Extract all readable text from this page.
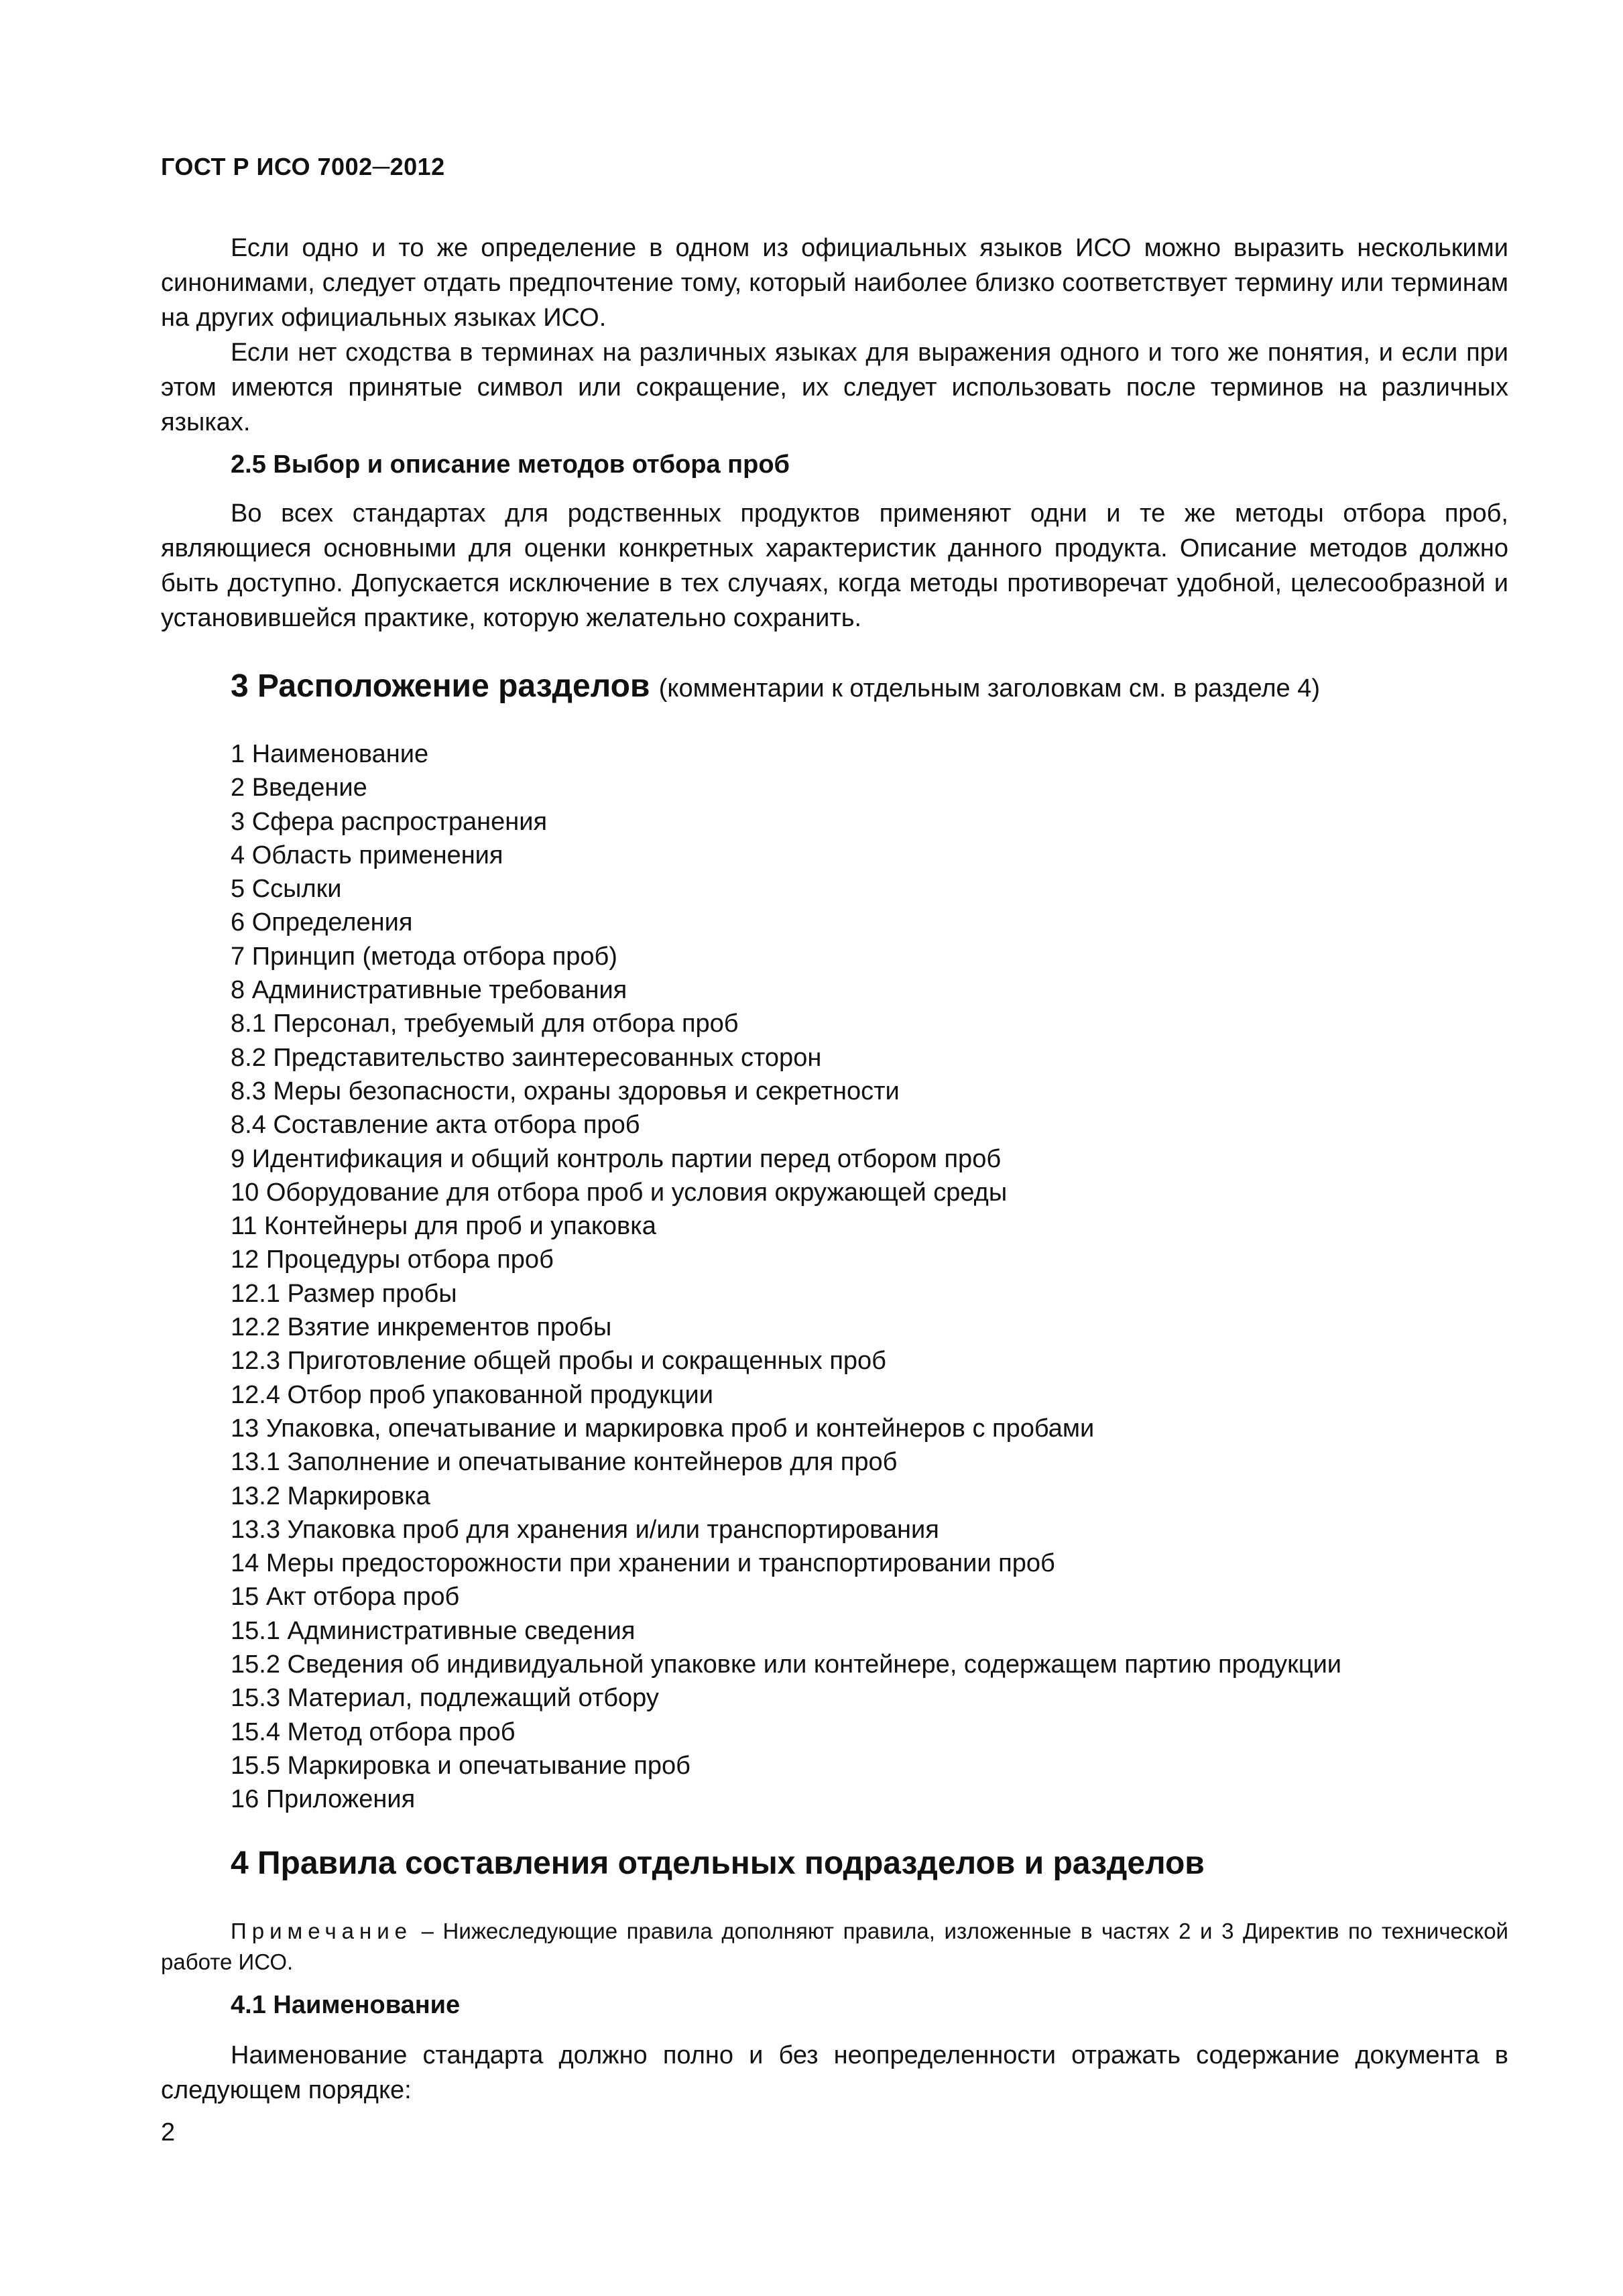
ГОСТ Р ИСО 7002─2012

Если одно и то же определение в одном из официальных языков ИСО можно выразить несколькими синонимами, следует отдать предпочтение тому, который наиболее близко соответствует термину или терминам на других официальных языках ИСО.

Если нет сходства в терминах на различных языках для выражения одного и того же понятия, и если при этом имеются принятые символ или сокращение, их следует использовать после терминов на различных языках.

2.5 Выбор и описание методов отбора проб

Во всех стандартах для родственных продуктов применяют одни и те же методы отбора проб, являющиеся основными для оценки конкретных характеристик данного продукта. Описание методов должно быть доступно. Допускается исключение в тех случаях, когда методы противоречат удобной, целесообразной и установившейся практике, которую желательно сохранить.

3 Расположение разделов (комментарии к отдельным заголовкам см. в разделе 4)
1 Наименование
2 Введение
3 Сфера распространения
4 Область применения
5 Ссылки
6 Определения
7 Принцип (метода отбора проб)
8 Административные требования
8.1 Персонал, требуемый для отбора проб
8.2 Представительство заинтересованных сторон
8.3 Меры безопасности, охраны здоровья и секретности
8.4 Составление акта отбора проб
9 Идентификация и общий контроль партии перед отбором проб
10 Оборудование для отбора проб и условия окружающей среды
11 Контейнеры для проб и упаковка
12 Процедуры отбора проб
12.1 Размер пробы
12.2 Взятие инкрементов пробы
12.3 Приготовление общей пробы и сокращенных проб
12.4 Отбор проб упакованной продукции
13 Упаковка, опечатывание и маркировка проб и контейнеров с пробами
13.1 Заполнение и опечатывание контейнеров для проб
13.2 Маркировка
13.3 Упаковка проб для хранения и/или транспортирования
14 Меры предосторожности при хранении и транспортировании проб
15 Акт отбора проб
15.1 Административные сведения
15.2 Сведения об индивидуальной упаковке или контейнере, содержащем партию продукции
15.3 Материал, подлежащий отбору
15.4 Метод отбора проб
15.5 Маркировка и опечатывание проб
16 Приложения
4 Правила составления отдельных подразделов и разделов

Примечание – Нижеследующие правила дополняют правила, изложенные в частях 2 и 3 Директив по технической работе ИСО.

4.1 Наименование

Наименование стандарта должно полно и без неопределенности отражать содержание документа в следующем порядке:

2
